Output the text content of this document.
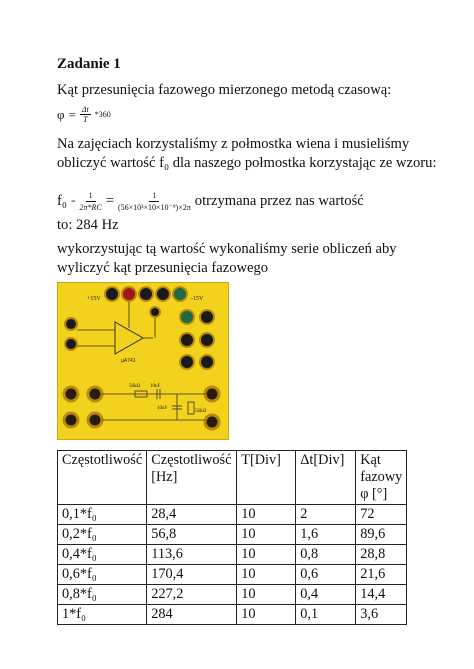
Zadanie 1
Kąt przesunięcia fazowego mierzonego metodą czasową:
$\varphi = \frac{\Delta t}{T} *360$
Na zajęciach korzystaliśmy z połmostka wiena i musieliśmy obliczyć wartość f₀ dla naszego połmostka korzystając ze wzoru:
$f_0 = \frac{1}{2\pi*RC} = \frac{1}{\text{(56×10³×10×10⁻⁹)×2π}}$ otrzymana przez nas wartość
to: 284 Hz
wykorzystując tą wartość wykonaliśmy serie obliczeń aby wyliczyć kąt przesunięcia fazowego
+15V	-15V
µA741
56kΩ 10nF
10nF
56kΩ
Częstotliwość	Częstotliwość [Hz]	T[Div]	Δt[Div]	Kąt fazowy φ [°]
0,1*f₀	28,4	10	2	72
0,2*f₀	56,8	10	1,6	89,6
0,4*f₀	113,6	10	0,8	28,8
0,6*f₀	170,4	10	0,6	21,6
0,8*f₀	227,2	10	0,4	14,4
1*f₀	284	10	0,1	3,6
